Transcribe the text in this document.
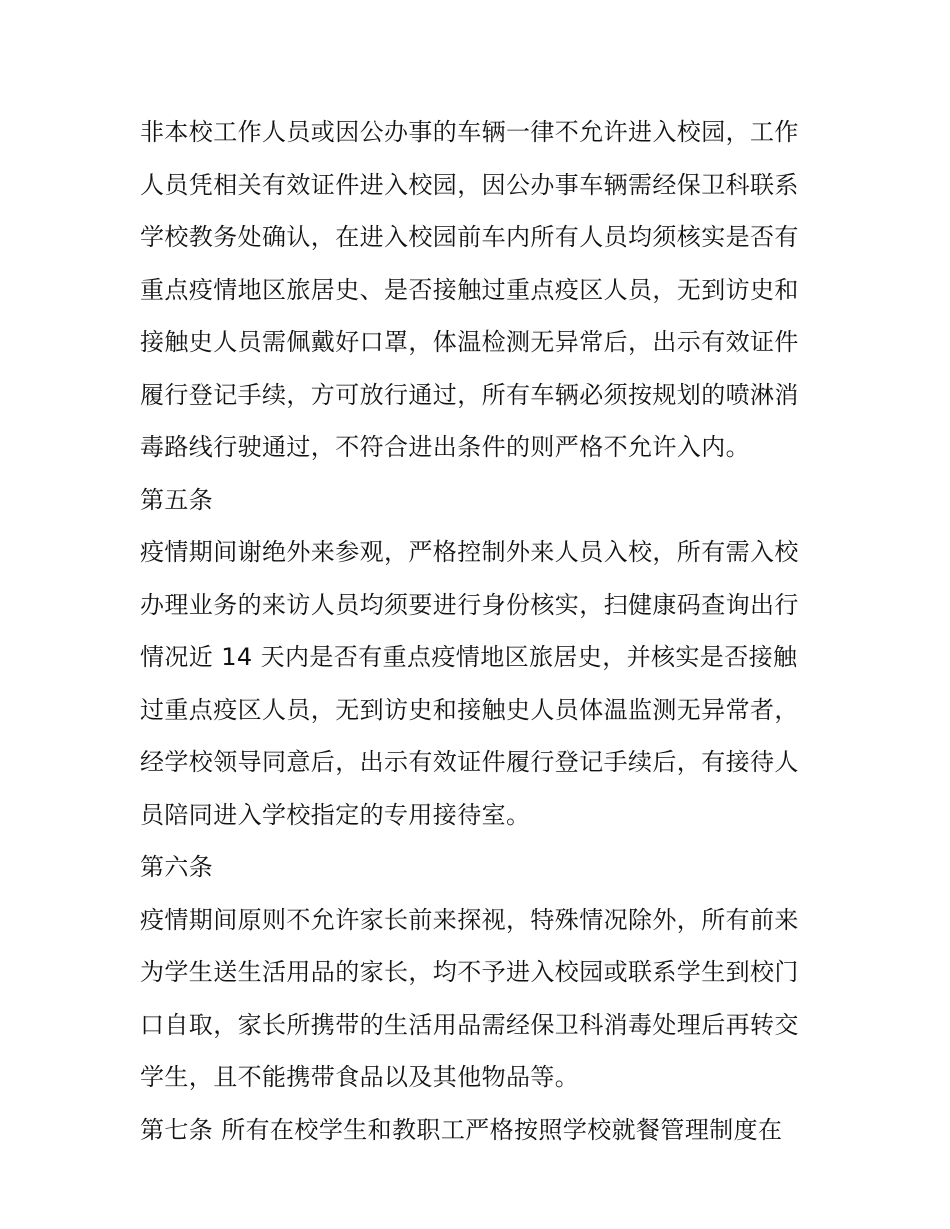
非本校工作人员或因公办事的车辆一律不允许进入校园，工作
人员凭相关有效证件进入校园，因公办事车辆需经保卫科联系
学校教务处确认，在进入校园前车内所有人员均须核实是否有
重点疫情地区旅居史、是否接触过重点疫区人员，无到访史和
接触史人员需佩戴好口罩，体温检测无异常后，出示有效证件
履行登记手续，方可放行通过，所有车辆必须按规划的喷淋消
毒路线行驶通过，不符合进出条件的则严格不允许入内。
第五条
疫情期间谢绝外来参观，严格控制外来人员入校，所有需入校
办理业务的来访人员均须要进行身份核实，扫健康码查询出行
情况近 14 天内是否有重点疫情地区旅居史，并核实是否接触
过重点疫区人员，无到访史和接触史人员体温监测无异常者，
经学校领导同意后，出示有效证件履行登记手续后，有接待人
员陪同进入学校指定的专用接待室。
第六条
疫情期间原则不允许家长前来探视，特殊情况除外，所有前来
为学生送生活用品的家长，均不予进入校园或联系学生到校门
口自取，家长所携带的生活用品需经保卫科消毒处理后再转交
学生，且不能携带食品以及其他物品等。
第七条 所有在校学生和教职工严格按照学校就餐管理制度在
